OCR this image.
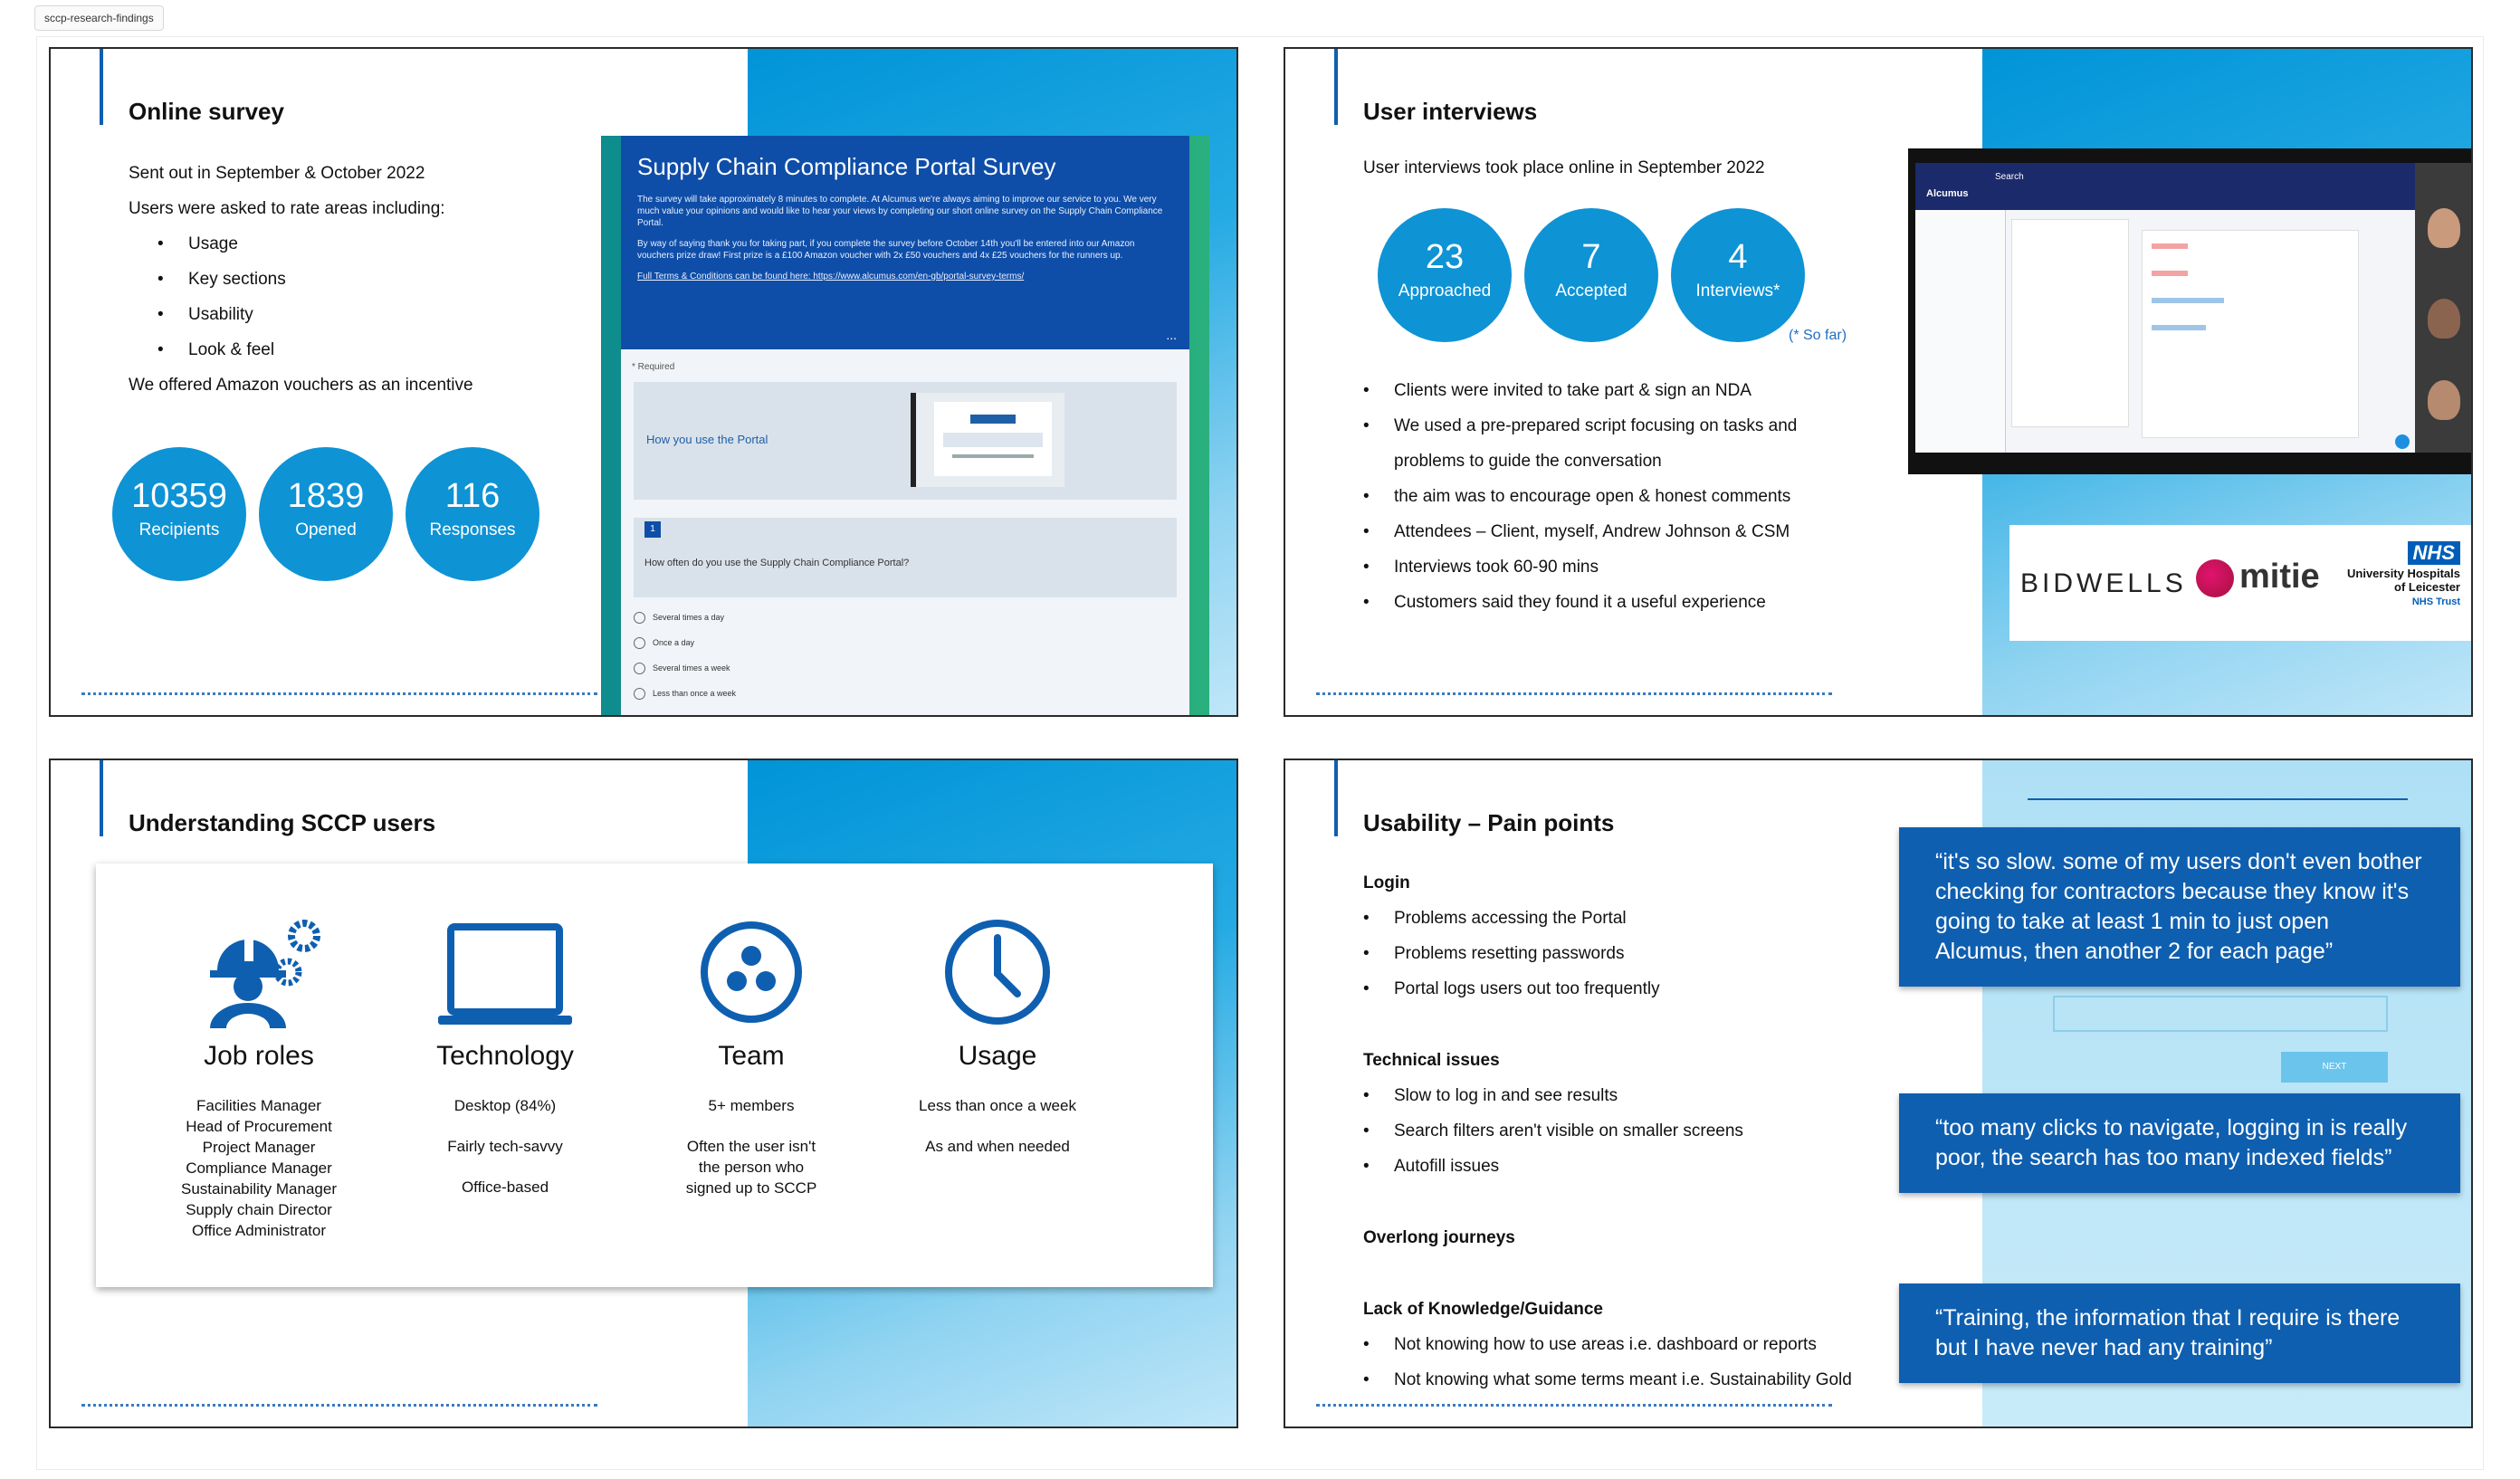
sccp-research-findings
Online survey
Sent out in September & October 2022
Users were asked to rate areas including:
• Usage
• Key sections
• Usability
• Look & feel
We offered Amazon vouchers as an incentive
10359
Recipients
1839
Opened
116
Responses
Supply Chain Compliance Portal Survey

The survey will take approximately 8 minutes to complete. At Alcumus we're always aiming to improve our service to you. We very much value your opinions and would like to hear your views by completing our short online survey on the Supply Chain Compliance Portal.

By way of saying thank you for taking part, if you complete the survey before October 14th you'll be entered into our Amazon vouchers prize draw! First prize is a £100 Amazon voucher with 2x £50 vouchers and 4x £25 vouchers for the runners up.

Full Terms & Conditions can be found here: https://www.alcumus.com/en-gb/portal-survey-terms/

...
* Required
How you use the Portal
1
How often do you use the Supply Chain Compliance Portal?
Several times a day
Once a day
Several times a week
Less than once a week
User interviews
User interviews took place online in September 2022
23
Approached
7
Accepted
4
Interviews*
(* So far)
• Clients were invited to take part & sign an NDA
• We used a pre-prepared script focusing on tasks and problems to guide the conversation
• the aim was to encourage open & honest comments
• Attendees – Client, myself, Andrew Johnson & CSM
• Interviews took 60-90 mins
• Customers said they found it a useful experience
Alcumus
Search
BIDWELLS	mitie
NHS
University Hospitals
of Leicester
NHS Trust
Understanding SCCP users
Job roles
Facilities Manager
Head of Procurement
Project Manager
Compliance Manager
Sustainability Manager
Supply chain Director
Office Administrator
Technology
Desktop (84%)
Fairly tech-savvy
Office-based
Team
5+ members
Often the user isn't the person who signed up to SCCP
Usage
Less than once a week
As and when needed
NEXT
Usability – Pain points
Login
• Problems accessing the Portal
• Problems resetting passwords
• Portal logs users out too frequently
Technical issues
• Slow to log in and see results
• Search filters aren't visible on smaller screens
• Autofill issues
Overlong journeys
Lack of Knowledge/Guidance
• Not knowing how to use areas i.e. dashboard or reports
• Not knowing what some terms meant i.e. Sustainability Gold
“it's so slow. some of my users don't even bother checking for contractors because they know it's going to take at least 1 min to just open Alcumus, then another 2 for each page”
“too many clicks to navigate, logging in is really poor, the search has too many indexed fields”
“Training, the information that I require is there but I have never had any training”
